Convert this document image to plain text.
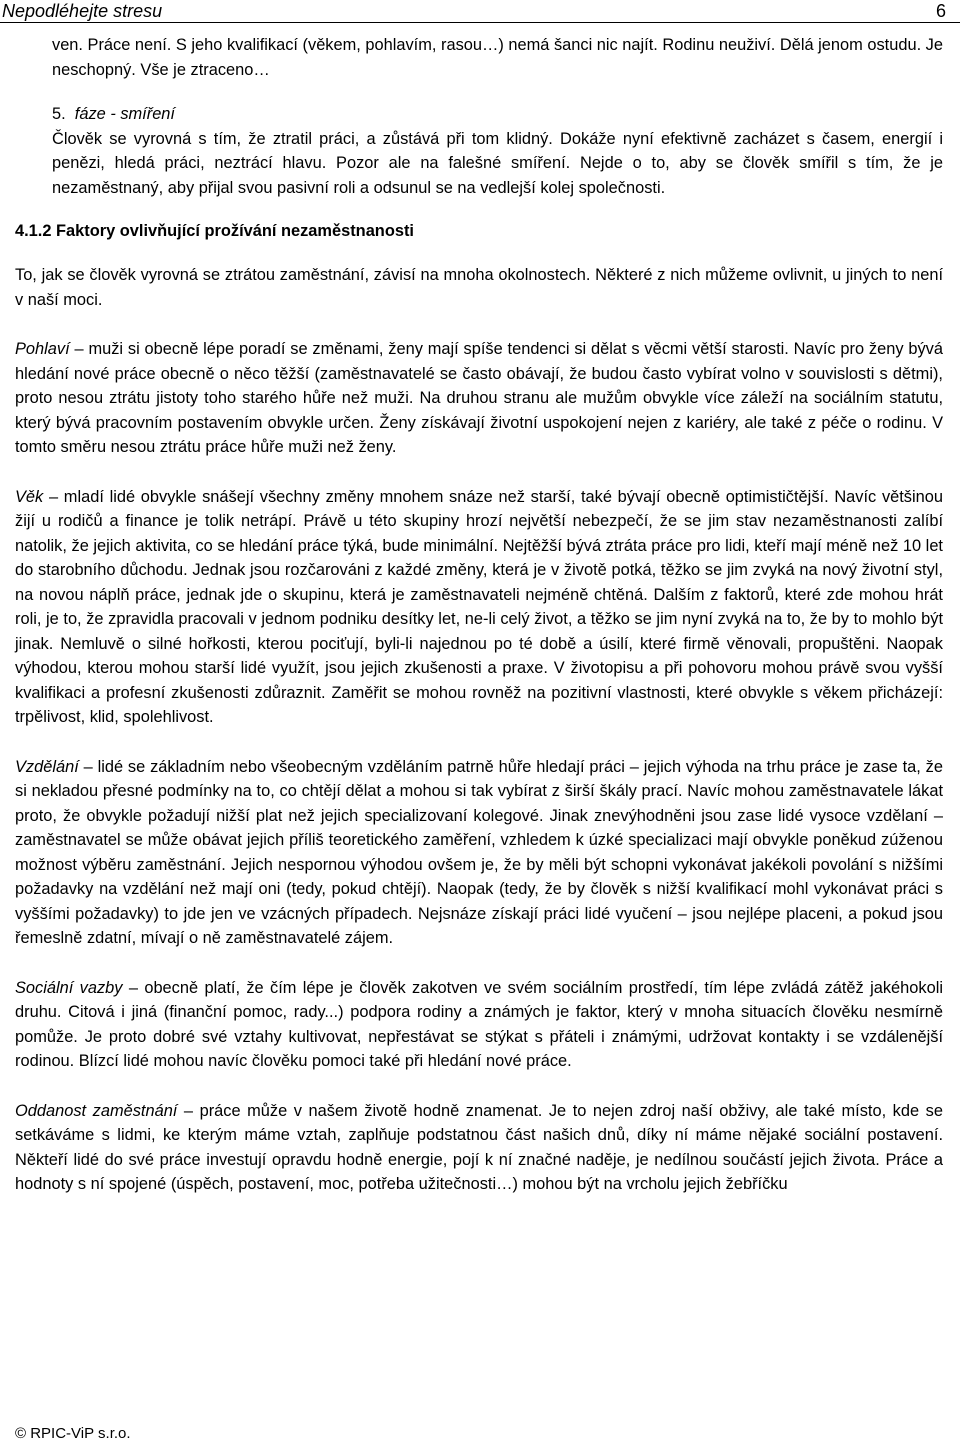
Nepodléhejte stresu	6

ven. Práce není. S jeho kvalifikací (věkem, pohlavím, rasou…) nemá šanci nic najít. Rodinu neuživí. Dělá jenom ostudu. Je neschopný. Vše je ztraceno…

5. fáze - smíření

Člověk se vyrovná s tím, že ztratil práci, a zůstává při tom klidný. Dokáže nyní efektivně zacházet s časem, energií i penězi, hledá práci, neztrácí hlavu. Pozor ale na falešné smíření. Nejde o to, aby se člověk smířil s tím, že je nezaměstnaný, aby přijal svou pasivní roli a odsunul se na vedlejší kolej společnosti.

4.1.2 Faktory ovlivňující prožívání nezaměstnanosti

To, jak se člověk vyrovná se ztrátou zaměstnání, závisí na mnoha okolnostech. Některé z nich můžeme ovlivnit, u jiných to není v naší moci.

Pohlaví – muži si obecně lépe poradí se změnami, ženy mají spíše tendenci si dělat s věcmi větší starosti. Navíc pro ženy bývá hledání nové práce obecně o něco těžší (zaměstnavatelé se často obávají, že budou často vybírat volno v souvislosti s dětmi), proto nesou ztrátu jistoty toho starého hůře než muži. Na druhou stranu ale mužům obvykle více záleží na sociálním statutu, který bývá pracovním postavením obvykle určen. Ženy získávají životní uspokojení nejen z kariéry, ale také z péče o rodinu. V tomto směru nesou ztrátu práce hůře muži než ženy.

Věk – mladí lidé obvykle snášejí všechny změny mnohem snáze než starší, také bývají obecně optimističtější. Navíc většinou žijí u rodičů a finance je tolik netrápí. Právě u této skupiny hrozí největší nebezpečí, že se jim stav nezaměstnanosti zalíbí natolik, že jejich aktivita, co se hledání práce týká, bude minimální. Nejtěžší bývá ztráta práce pro lidi, kteří mají méně než 10 let do starobního důchodu. Jednak jsou rozčarováni z každé změny, která je v životě potká, těžko se jim zvyká na nový životní styl, na novou náplň práce, jednak jde o skupinu, která je zaměstnavateli nejméně chtěná. Dalším z faktorů, které zde mohou hrát roli, je to, že zpravidla pracovali v jednom podniku desítky let, ne-li celý život, a těžko se jim nyní zvyká na to, že by to mohlo být jinak. Nemluvě o silné hořkosti, kterou pociťují, byli-li najednou po té době a úsilí, které firmě věnovali, propuštěni. Naopak výhodou, kterou mohou starší lidé využít, jsou jejich zkušenosti a praxe. V životopisu a při pohovoru mohou právě svou vyšší kvalifikaci a profesní zkušenosti zdůraznit. Zaměřit se mohou rovněž na pozitivní vlastnosti, které obvykle s věkem přicházejí: trpělivost, klid, spolehlivost.

Vzdělání – lidé se základním nebo všeobecným vzděláním patrně hůře hledají práci – jejich výhoda na trhu práce je zase ta, že si nekladou přesné podmínky na to, co chtějí dělat a mohou si tak vybírat z širší škály prací. Navíc mohou zaměstnavatele lákat proto, že obvykle požadují nižší plat než jejich specializovaní kolegové. Jinak znevýhodněni jsou zase lidé vysoce vzdělaní – zaměstnavatel se může obávat jejich příliš teoretického zaměření, vzhledem k úzké specializaci mají obvykle poněkud zúženou možnost výběru zaměstnání. Jejich nespornou výhodou ovšem je, že by měli být schopni vykonávat jakékoli povolání s nižšími požadavky na vzdělání než mají oni (tedy, pokud chtějí). Naopak (tedy, že by člověk s nižší kvalifikací mohl vykonávat práci s vyššími požadavky) to jde jen ve vzácných případech. Nejsnáze získají práci lidé vyučení – jsou nejlépe placeni, a pokud jsou řemeslně zdatní, mívají o ně zaměstnavatelé zájem.

Sociální vazby – obecně platí, že čím lépe je člověk zakotven ve svém sociálním prostředí, tím lépe zvládá zátěž jakéhokoli druhu. Citová i jiná (finanční pomoc, rady...) podpora rodiny a známých je faktor, který v mnoha situacích člověku nesmírně pomůže. Je proto dobré své vztahy kultivovat, nepřestávat se stýkat s přáteli i známými, udržovat kontakty i se vzdálenější rodinou. Blízcí lidé mohou navíc člověku pomoci také při hledání nové práce.

Oddanost zaměstnání – práce může v našem životě hodně znamenat. Je to nejen zdroj naší obživy, ale také místo, kde se setkáváme s lidmi, ke kterým máme vztah, zaplňuje podstatnou část našich dnů, díky ní máme nějaké sociální postavení. Někteří lidé do své práce investují opravdu hodně energie, pojí k ní značné naděje, je nedílnou součástí jejich života. Práce a hodnoty s ní spojené (úspěch, postavení, moc, potřeba užitečnosti…) mohou být na vrcholu jejich žebříčku

© RPIC-ViP s.r.o.
